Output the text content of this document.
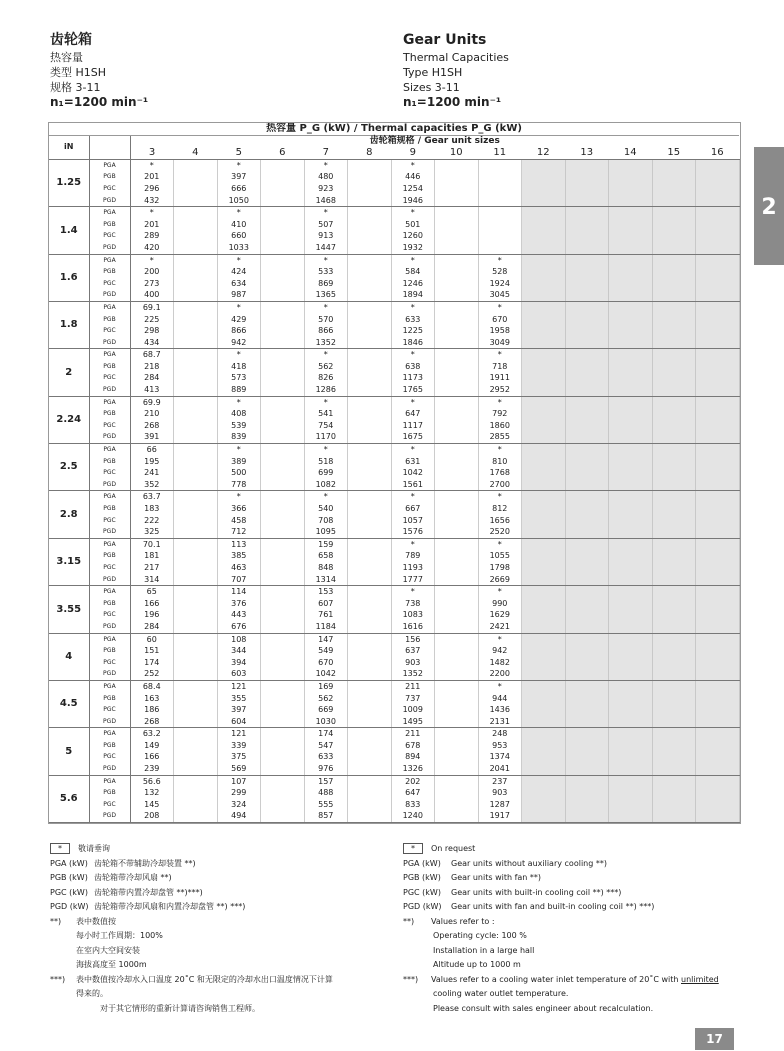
齿轮箱
热容量
类型 H1SH
规格 3-11
n₁=1200 min⁻¹
Gear Units
Thermal Capacities
Type H1SH
Sizes 3-11
n₁=1200 min⁻¹
2
热容量 P_G (kW) / Thermal capacities P_G (kW)															
iN		齿轮箱规格 / Gear unit sizes													
		3	4	5	6	7	8	9	10	11	12	13	14	15	16
1.25	PGA	*		*		*		*							
	PGB	201		397		480		446							
	PGC	296		666		923		1254							
	PGD	432		1050		1468		1946							
1.4	PGA	*		*		*		*							
	PGB	201		410		507		501							
	PGC	289		660		913		1260							
	PGD	420		1033		1447		1932							
1.6	PGA	*		*		*		*		*					
	PGB	200		424		533		584		528					
	PGC	273		634		869		1246		1924					
	PGD	400		987		1365		1894		3045					
1.8	PGA	69.1		*		*		*		*					
	PGB	225		429		570		633		670					
	PGC	298		866		866		1225		1958					
	PGD	434		942		1352		1846		3049					
2	PGA	68.7		*		*		*		*					
	PGB	218		418		562		638		718					
	PGC	284		573		826		1173		1911					
	PGD	413		889		1286		1765		2952					
2.24	PGA	69.9		*		*		*		*					
	PGB	210		408		541		647		792					
	PGC	268		539		754		1117		1860					
	PGD	391		839		1170		1675		2855					
2.5	PGA	66		*		*		*		*					
	PGB	195		389		518		631		810					
	PGC	241		500		699		1042		1768					
	PGD	352		778		1082		1561		2700					
2.8	PGA	63.7		*		*		*		*					
	PGB	183		366		540		667		812					
	PGC	222		458		708		1057		1656					
	PGD	325		712		1095		1576		2520					
3.15	PGA	70.1		113		159		*		*					
	PGB	181		385		658		789		1055					
	PGC	217		463		848		1193		1798					
	PGD	314		707		1314		1777		2669					
3.55	PGA	65		114		153		*		*					
	PGB	166		376		607		738		990					
	PGC	196		443		761		1083		1629					
	PGD	284		676		1184		1616		2421					
4	PGA	60		108		147		156		*					
	PGB	151		344		549		637		942					
	PGC	174		394		670		903		1482					
	PGD	252		603		1042		1352		2200					
4.5	PGA	68.4		121		169		211		*					
	PGB	163		355		562		737		944					
	PGC	186		397		669		1009		1436					
	PGD	268		604		1030		1495		2131					
5	PGA	63.2		121		174		211		248					
	PGB	149		339		547		678		953					
	PGC	166		375		633		894		1374					
	PGD	239		569		976		1326		2041					
5.6	PGA	56.6		107		157		202		237					
	PGB	132		299		488		647		903					
	PGC	145		324		555		833		1287					
	PGD	208		494		857		1240		1917					
* 敬请垂询
PGA (kW) 齿轮箱不带辅助冷却装置 **)
PGB (kW) 齿轮箱带冷却风扇 **)
PGC (kW) 齿轮箱带内置冷却盘管 **)***)
PGD (kW) 齿轮箱带冷却风扇和内置冷却盘管 **) ***)
**) 表中数值按
每小时工作周期：100%
在室内大空间安装
海拔高度至 1000m
***) 表中数值按冷却水入口温度 20˚C 和无限定的冷却水出口温度情况下计算
得来的。
对于其它情形的重新计算请咨询销售工程师。
* On request
PGA (kW) Gear units without auxiliary cooling **)
PGB (kW) Gear units with fan **)
PGC (kW) Gear units with built-in cooling coil **) ***)
PGD (kW) Gear units with fan and built-in cooling coil **) ***)
**) Values refer to :
Operating cycle: 100 %
Installation in a large hall
Altitude up to 1000 m
***) Values refer to a cooling water inlet temperature of 20˚C with unlimited
cooling water outlet temperature.
Please consult with sales engineer about recalculation.
17
